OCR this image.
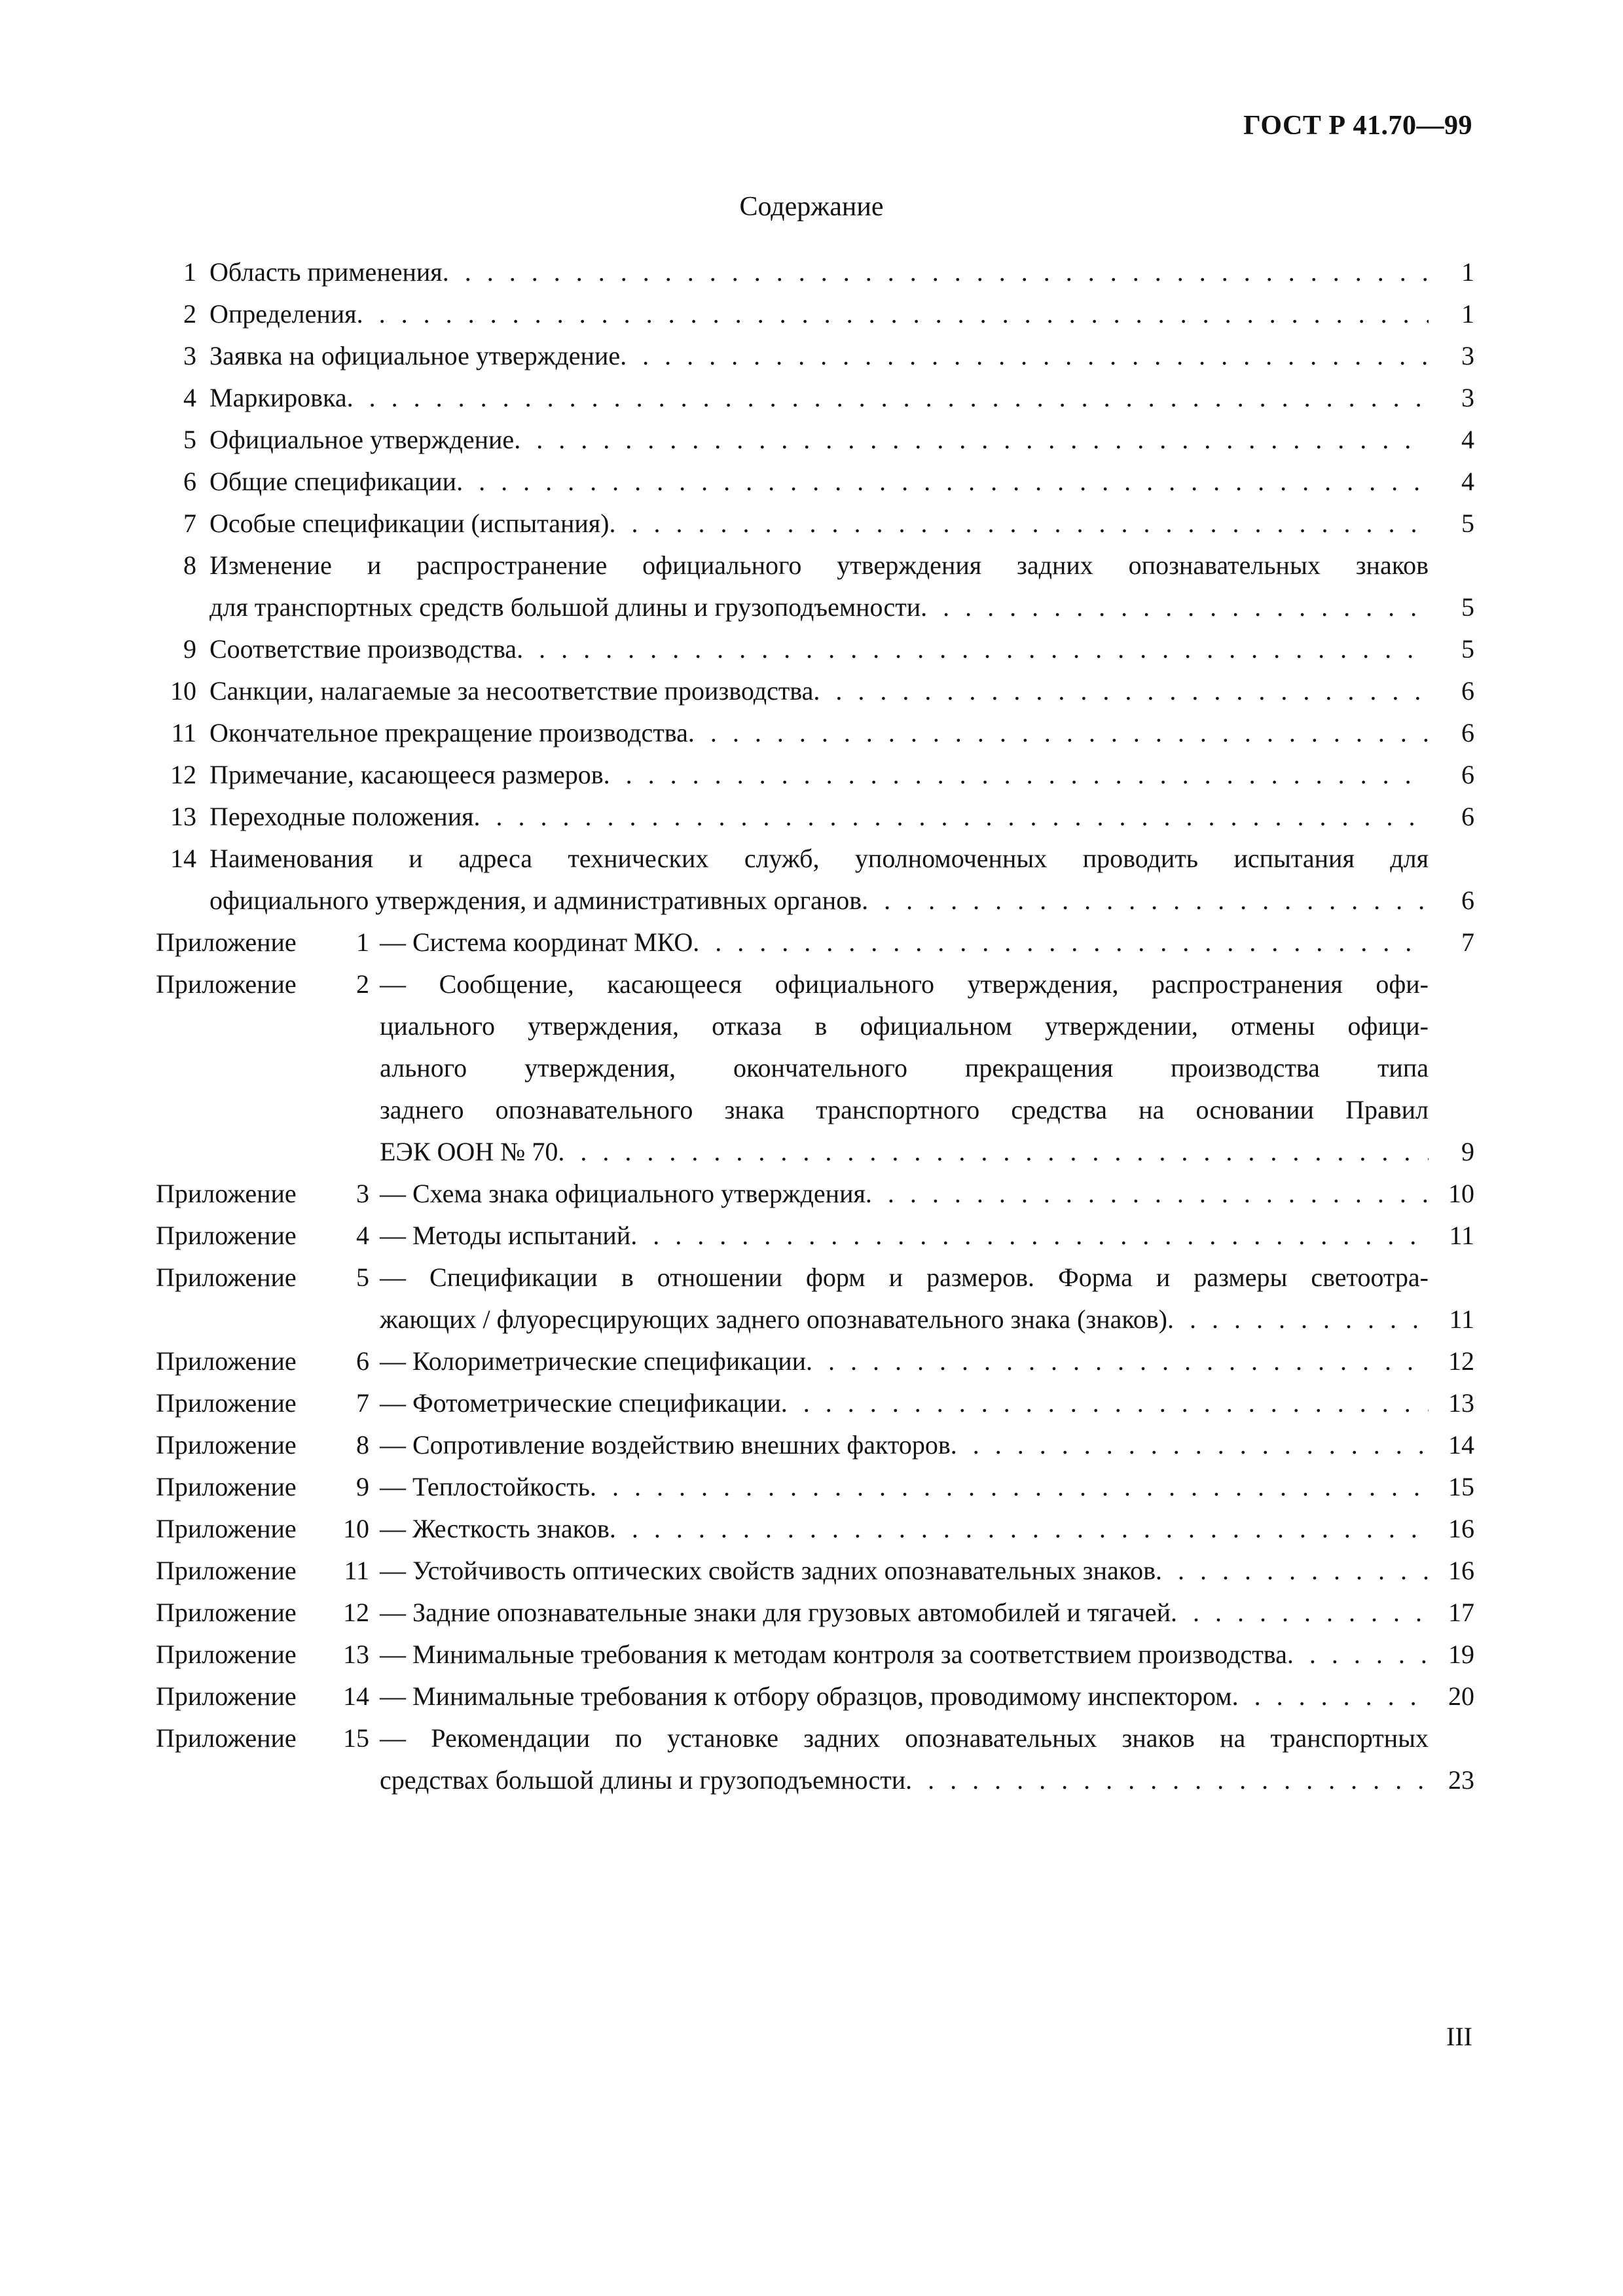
ГОСТ Р 41.70—99
Содержание
1 Область применения . . .	1
2 Определения . . .	1
3 Заявка на официальное утверждение . . .	3
4 Маркировка . . .	3
5 Официальное утверждение . . .	4
6 Общие спецификации . . .	4
7 Особые спецификации (испытания) . . .	5
8 Изменение и распространение официального утверждения задних опознавательных знаков
для транспортных средств большой длины и грузоподъемности . . .	5
9 Соответствие производства . . .	5
10 Санкции, налагаемые за несоответствие производства . . .	6
11 Окончательное прекращение производства . . .	6
12 Примечание, касающееся размеров . . .	6
13 Переходные положения . . .	6
14 Наименования и адреса технических служб, уполномоченных проводить испытания для
официального утверждения, и административных органов . . .	6
Приложение	1 — Система координат МКО . . .	7
Приложение	2 — Сообщение, касающееся официального утверждения, распространения офи-
циального утверждения, отказа в официальном утверждении, отмены офици-
ального утверждения, окончательного прекращения производства типа
заднего опознавательного знака транспортного средства на основании Правил
ЕЭК ООН № 70 . . .	9
Приложение	3 — Схема знака официального утверждения . . .	10
Приложение	4 — Методы испытаний . . .	11
Приложение	5 — Спецификации в отношении форм и размеров. Форма и размеры светоотра-
жающих / флуоресцирующих заднего опознавательного знака (знаков) . . .	11
Приложение	6 — Колориметрические спецификации . . .	12
Приложение	7 — Фотометрические спецификации . . .	13
Приложение	8 — Сопротивление воздействию внешних факторов . . .	14
Приложение	9 — Теплостойкость . . .	15
Приложение	10 — Жесткость знаков . . .	16
Приложение	11 — Устойчивость оптических свойств задних опознавательных знаков . . .	16
Приложение	12 — Задние опознавательные знаки для грузовых автомобилей и тягачей . . .	17
Приложение	13 — Минимальные требования к методам контроля за соответствием производства . . .	19
Приложение	14 — Минимальные требования к отбору образцов, проводимому инспектором . . .	20
Приложение	15 — Рекомендации по установке задних опознавательных знаков на транспортных
средствах большой длины и грузоподъемности . . .	23
III
